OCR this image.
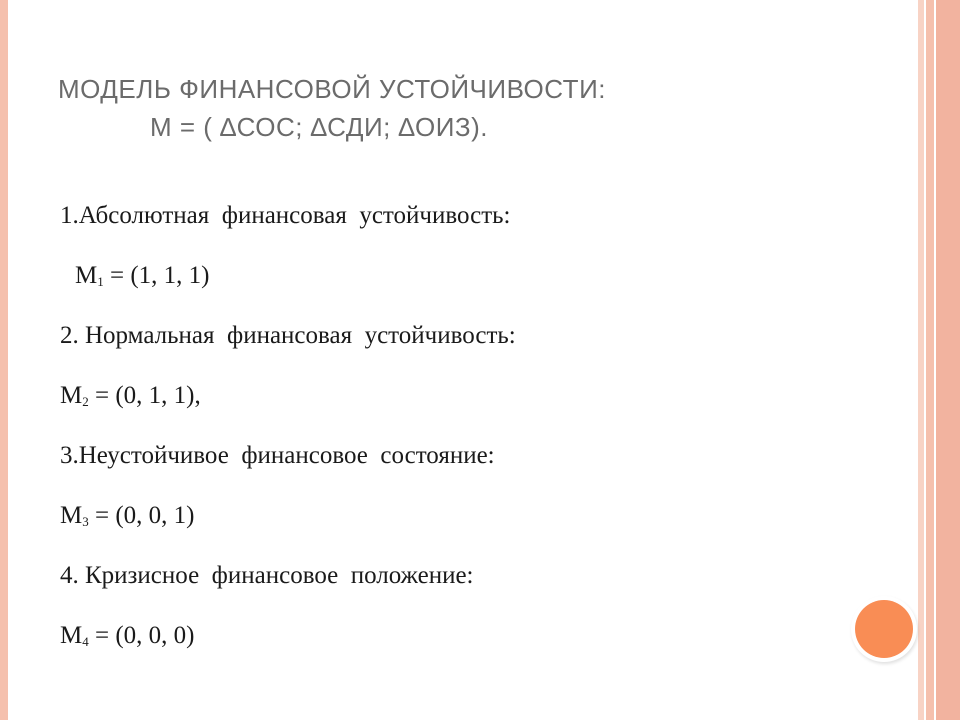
МОДЕЛЬ ФИНАНСОВОЙ УСТОЙЧИВОСТИ:
М = ( ∆СОС; ∆СДИ; ∆ОИЗ).
1.Абсолютная  финансовая  устойчивость:
М1 = (1, 1, 1)
2. Нормальная  финансовая  устойчивость:
М2 = (0, 1, 1),
3.Неустойчивое  финансовое  состояние:
М3 = (0, 0, 1)
4. Кризисное  финансовое  положение:
М4 = (0, 0, 0)
